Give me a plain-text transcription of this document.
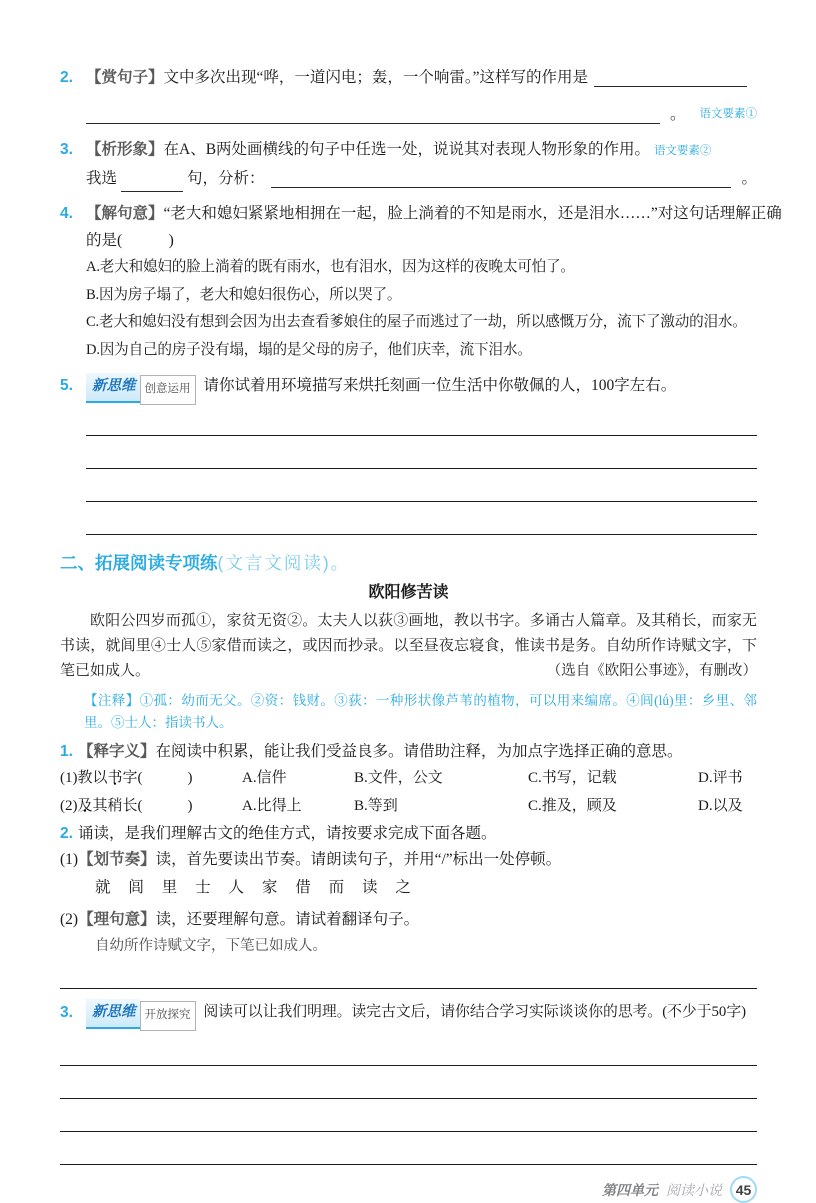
2. 【赏句子】文中多次出现“哗，一道闪电；轰，一个响雷。”这样写的作用是
。 语文要素①
3. 【析形象】在A、B两处画横线的句子中任选一处，说说其对表现人物形象的作用。 语文要素②
我选	句，分析：	。
4. 【解句意】“老大和媳妇紧紧地相拥在一起，脸上淌着的不知是雨水，还是泪水……”对这句话理解正确
的是(　　　)
A.老大和媳妇的脸上淌着的既有雨水，也有泪水，因为这样的夜晚太可怕了。
B.因为房子塌了，老大和媳妇很伤心，所以哭了。
C.老大和媳妇没有想到会因为出去查看爹娘住的屋子而逃过了一劫，所以感慨万分，流下了激动的泪水。
D.因为自己的房子没有塌，塌的是父母的房子，他们庆幸，流下泪水。
5.	新思维 创意运用 请你试着用环境描写来烘托刻画一位生活中你敬佩的人，100字左右。
二、拓展阅读专项练(文言文阅读)。
欧阳修苦读
欧阳公四岁而孤①，家贫无资②。太夫人以荻③画地，教以书字。多诵古人篇章。及其稍长，而家无书读，就闾里④士人⑤家借而读之，或因而抄录。以至昼夜忘寝食，惟读书是务。自幼所作诗赋文字，下笔已如成人。	（选自《欧阳公事迹》，有删改）
【注释】①孤：幼而无父。②资：钱财。③荻：一种形状像芦苇的植物，可以用来编席。④闾(lǘ)里：乡里、邻里。⑤士人：指读书人。
1. 【释字义】在阅读中积累，能让我们受益良多。请借助注释，为加点字选择正确的意思。
(1)教以书 •字(　　　)	A.信件	B.文件，公文	C.书写，记载	D.评书
(2)及 •其稍长(　　　)	A.比得上	B.等到	C.推及，顾及	D.以及
2. 诵读，是我们理解古文的绝佳方式，请按要求完成下面各题。
(1)【划节奏】读，首先要读出节奏。请朗读句子，并用“/”标出一处停顿。
就 闾 里 士 人 家 借 而 读 之
(2)【理句意】读，还要理解句意。请试着翻译句子。
自幼所作诗赋文字，下笔已如成人。
3.	新思维 开放探究 阅读可以让我们明理。读完古文后，请你结合学习实际谈谈你的思考。(不少于50字)
第四单元 阅读小说 45
